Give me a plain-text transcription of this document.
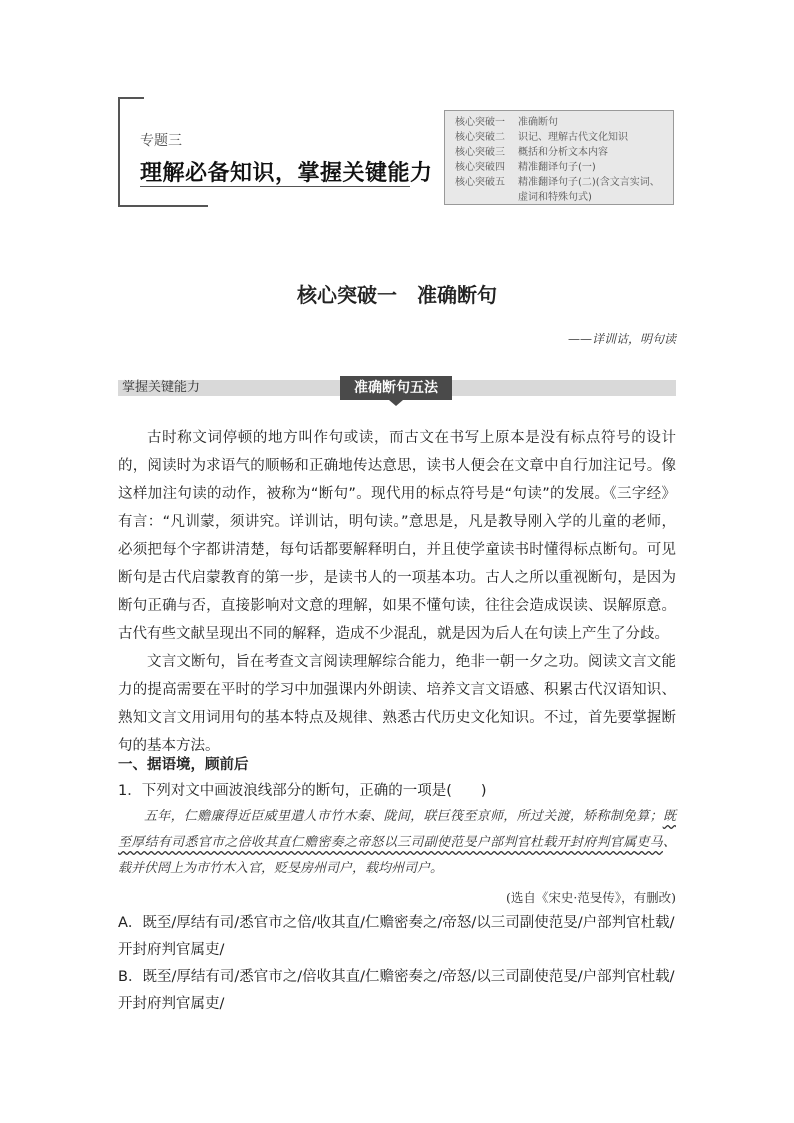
专题三
理解必备知识，掌握关键能力
核心突破一	准确断句
核心突破二	识记、理解古代文化知识
核心突破三	概括和分析文本内容
核心突破四	精准翻译句子(一)
核心突破五	精准翻译句子(二)(含文言实词、
虚词和特殊句式)
核心突破一　准确断句
——详训诂，明句读
掌握关键能力	准确断句五法

古时称文词停顿的地方叫作句或读，而古文在书写上原本是没有标点符号的设计的，阅读时为求语气的顺畅和正确地传达意思，读书人便会在文章中自行加注记号。像这样加注句读的动作，被称为“断句”。现代用的标点符号是“句读”的发展。《三字经》有言：“凡训蒙，须讲究。详训诂，明句读。”意思是，凡是教导刚入学的儿童的老师，必须把每个字都讲清楚，每句话都要解释明白，并且使学童读书时懂得标点断句。可见断句是古代启蒙教育的第一步，是读书人的一项基本功。古人之所以重视断句，是因为断句正确与否，直接影响对文意的理解，如果不懂句读，往往会造成误读、误解原意。古代有些文献呈现出不同的解释，造成不少混乱，就是因为后人在句读上产生了分歧。

文言文断句，旨在考查文言阅读理解综合能力，绝非一朝一夕之功。阅读文言文能力的提高需要在平时的学习中加强课内外朗读、培养文言文语感、积累古代汉语知识、熟知文言文用词用句的基本特点及规律、熟悉古代历史文化知识。不过，首先要掌握断句的基本方法。

一、据语境，顾前后
1．下列对文中画波浪线部分的断句，正确的一项是(　　)

五年，仁赡廉得近臣威里遣人市竹木秦、陇间，联巨筏至京师，所过关渡，矫称制免算；既至厚结有司悉官市之倍收其直仁赡密奏之帝怒以三司副使范旻户部判官杜载开封府判官属吏马、载并伏罔上为市竹木入官，贬旻房州司户，载均州司户。

(选自《宋史·范旻传》，有删改)
A．既至/厚结有司/悉官市之倍/收其直/仁赡密奏之/帝怒/以三司副使范旻/户部判官杜载/开封府判官属吏/
B．既至/厚结有司/悉官市之/倍收其直/仁赡密奏之/帝怒/以三司副使范旻/户部判官杜载/开封府判官属吏/
